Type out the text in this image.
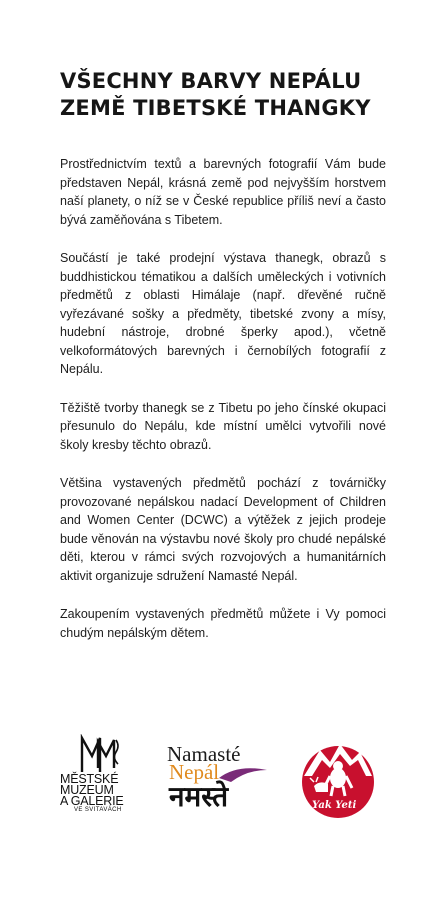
VŠECHNY BARVY NEPÁLU
ZEMĚ TIBETSKÉ THANGKY

Prostřednictvím textů a barevných fotografií Vám bude představen Nepál, krásná země pod nejvyšším horstvem naší planety, o níž se v České republice příliš neví a často bývá zaměňována s Tibetem.

Součástí je také prodejní výstava thanegk, obrazů s buddhistickou tématikou a dalších uměleckých i votivních předmětů z oblasti Himálaje (např. dřevěné ručně vyřezávané sošky a předměty, tibetské zvony a mísy, hudební nástroje, drobné šperky apod.), včetně velkoformátových barevných i černobílých fotografií z Nepálu.

Těžiště tvorby thanegk se z Tibetu po jeho čínské okupaci přesunulo do Nepálu, kde místní umělci vytvořili nové školy kresby těchto obrazů.

Většina vystavených předmětů pochází z továrničky provozované nepálskou nadací Development of Children and Women Center (DCWC) a výtěžek z jejich prodeje bude věnován na výstavbu nové školy pro chudé nepálské děti, kterou v rámci svých rozvojových a humanitárních aktivit organizuje sdružení Namasté Nepál.

Zakoupením vystavených předmětů můžete i Vy pomoci chudým nepálským dětem.

MĚSTSKÉ
MUZEUM
A GALERIE
VE SVITAVÁCH
Namasté
Nepál
नमस्ते	Yak Yeti
